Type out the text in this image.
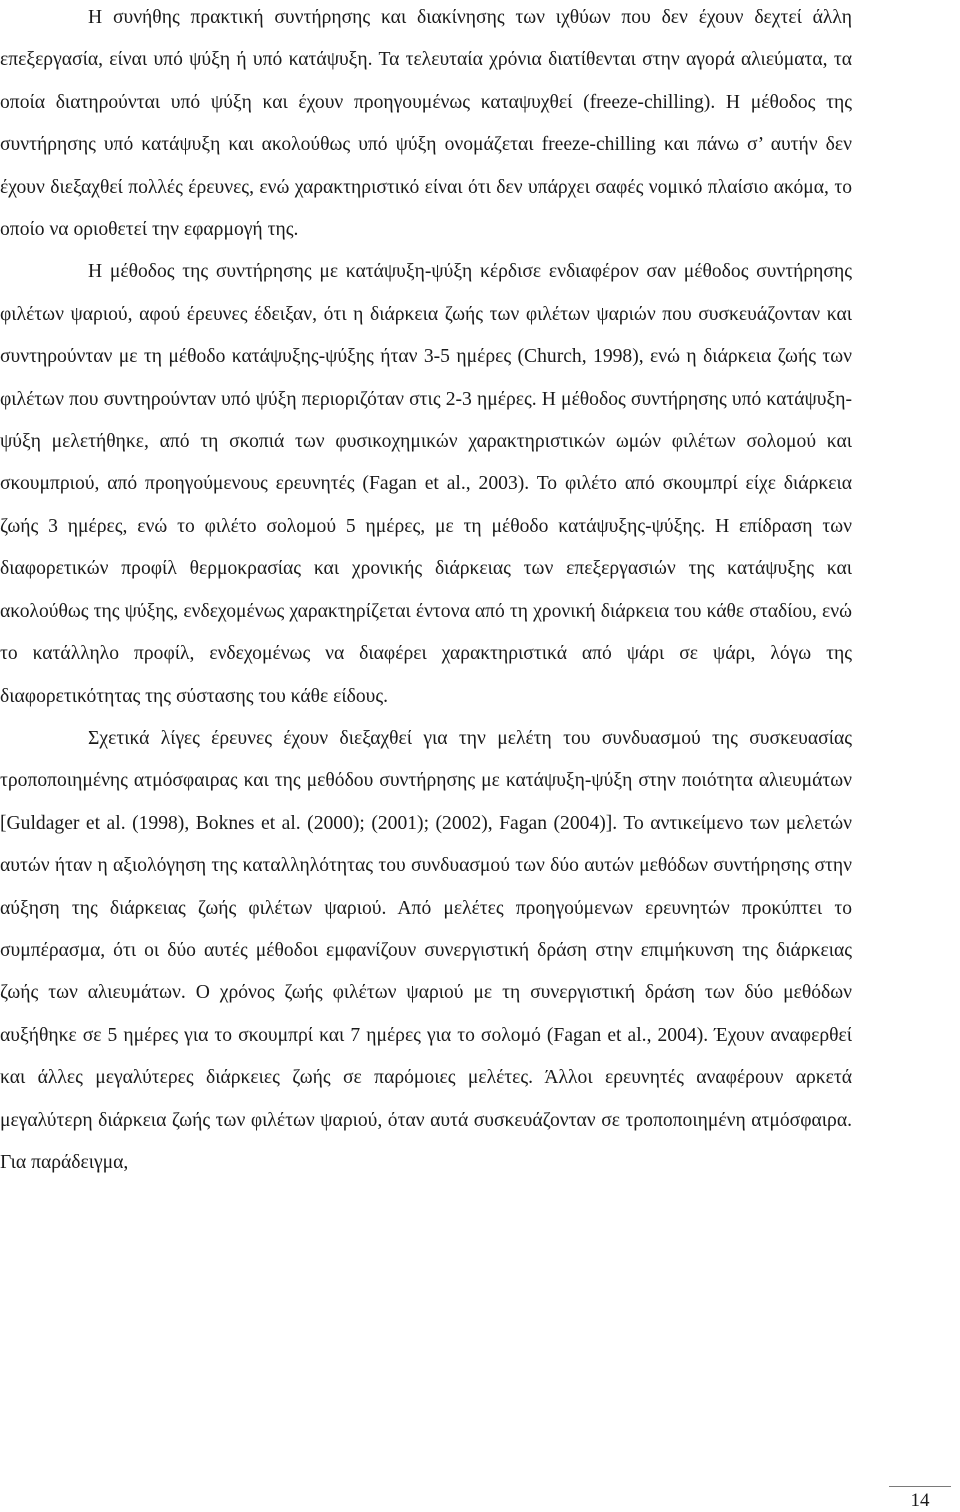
Η συνήθης πρακτική συντήρησης και διακίνησης των ιχθύων που δεν έχουν δεχτεί άλλη επεξεργασία, είναι υπό ψύξη ή υπό κατάψυξη. Τα τελευταία χρόνια διατίθενται στην αγορά αλιεύματα, τα οποία διατηρούνται υπό ψύξη και έχουν προηγουμένως καταψυχθεί (freeze-chilling). Η μέθοδος της συντήρησης υπό κατάψυξη και ακολούθως υπό ψύξη ονομάζεται freeze-chilling και πάνω σ’ αυτήν δεν έχουν διεξαχθεί πολλές έρευνες, ενώ χαρακτηριστικό είναι ότι δεν υπάρχει σαφές νομικό πλαίσιο ακόμα, το οποίο να οριοθετεί την εφαρμογή της.

Η μέθοδος της συντήρησης με κατάψυξη-ψύξη κέρδισε ενδιαφέρον σαν μέθοδος συντήρησης φιλέτων ψαριού, αφού έρευνες έδειξαν, ότι η διάρκεια ζωής των φιλέτων ψαριών που συσκευάζονταν και συντηρούνταν με τη μέθοδο κατάψυξης-ψύξης ήταν 3-5 ημέρες (Church, 1998), ενώ η διάρκεια ζωής των φιλέτων που συντηρούνταν υπό ψύξη περιοριζόταν στις 2-3 ημέρες. Η μέθοδος συντήρησης υπό κατάψυξη-ψύξη μελετήθηκε, από τη σκοπιά των φυσικοχημικών χαρακτηριστικών ωμών φιλέτων σολομού και σκουμπριού, από προηγούμενους ερευνητές (Fagan et al., 2003). Το φιλέτο από σκουμπρί είχε διάρκεια ζωής 3 ημέρες, ενώ το φιλέτο σολομού 5 ημέρες, με τη μέθοδο κατάψυξης-ψύξης. Η επίδραση των διαφορετικών προφίλ θερμοκρασίας και χρονικής διάρκειας των επεξεργασιών της κατάψυξης και ακολούθως της ψύξης, ενδεχομένως χαρακτηρίζεται έντονα από τη χρονική διάρκεια του κάθε σταδίου, ενώ το κατάλληλο προφίλ, ενδεχομένως να διαφέρει χαρακτηριστικά από ψάρι σε ψάρι, λόγω της διαφορετικότητας της σύστασης του κάθε είδους.

Σχετικά λίγες έρευνες έχουν διεξαχθεί για την μελέτη του συνδυασμού της συσκευασίας τροποποιημένης ατμόσφαιρας και της μεθόδου συντήρησης με κατάψυξη-ψύξη στην ποιότητα αλιευμάτων [Guldager et al. (1998), Boknes et al. (2000); (2001); (2002), Fagan (2004)]. Το αντικείμενο των μελετών αυτών ήταν η αξιολόγηση της καταλληλότητας του συνδυασμού των δύο αυτών μεθόδων συντήρησης στην αύξηση της διάρκειας ζωής φιλέτων ψαριού. Από μελέτες προηγούμενων ερευνητών προκύπτει το συμπέρασμα, ότι οι δύο αυτές μέθοδοι εμφανίζουν συνεργιστική δράση στην επιμήκυνση της διάρκειας ζωής των αλιευμάτων. Ο χρόνος ζωής φιλέτων ψαριού με τη συνεργιστική δράση των δύο μεθόδων αυξήθηκε σε 5 ημέρες για το σκουμπρί και 7 ημέρες για το σολομό (Fagan et al., 2004). Έχουν αναφερθεί και άλλες μεγαλύτερες διάρκειες ζωής σε παρόμοιες μελέτες. Άλλοι ερευνητές αναφέρουν αρκετά μεγαλύτερη διάρκεια ζωής των φιλέτων ψαριού, όταν αυτά συσκευάζονταν σε τροποποιημένη ατμόσφαιρα. Για παράδειγμα,

14
